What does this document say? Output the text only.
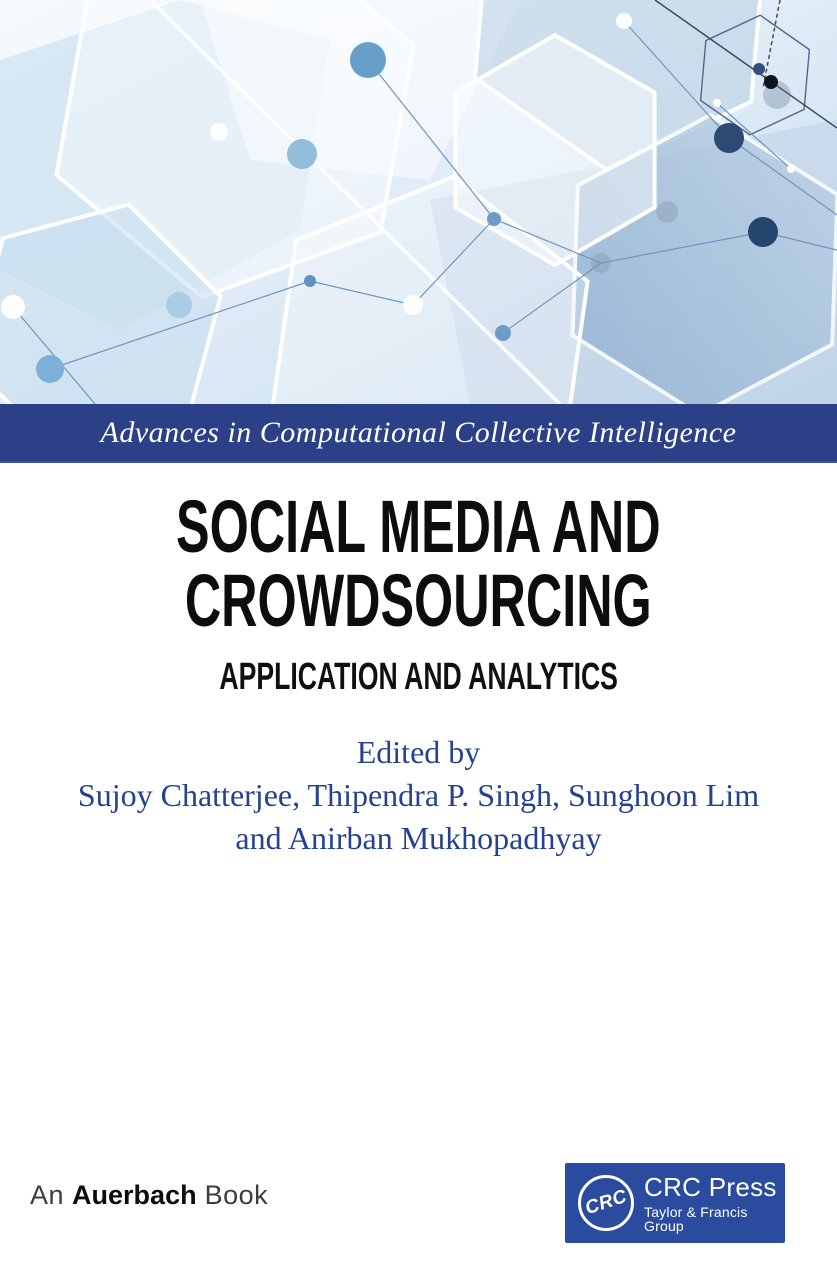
Advances in Computational Collective Intelligence
SOCIAL MEDIA AND
CROWDSOURCING
APPLICATION AND ANALYTICS
Edited by
Sujoy Chatterjee, Thipendra P. Singh, Sunghoon Lim
and Anirban Mukhopadhyay
An Auerbach Book	CRC CRC Press
Taylor & Francis Group
